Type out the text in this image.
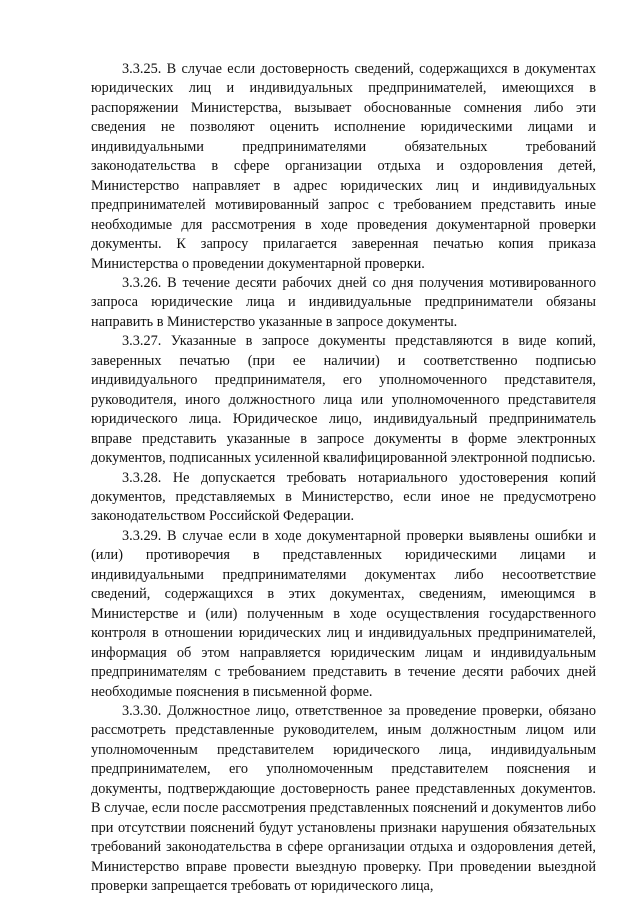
3.3.25. В случае если достоверность сведений, содержащихся в документах юридических лиц и индивидуальных предпринимателей, имеющихся в распоряжении Министерства, вызывает обоснованные сомнения либо эти сведения не позволяют оценить исполнение юридическими лицами и индивидуальными предпринимателями обязательных требований законодательства в сфере организации отдыха и оздоровления детей, Министерство направляет в адрес юридических лиц и индивидуальных предпринимателей мотивированный запрос с требованием представить иные необходимые для рассмотрения в ходе проведения документарной проверки документы. К запросу прилагается заверенная печатью копия приказа Министерства о проведении документарной проверки.

3.3.26. В течение десяти рабочих дней со дня получения мотивированного запроса юридические лица и индивидуальные предприниматели обязаны направить в Министерство указанные в запросе документы.

3.3.27. Указанные в запросе документы представляются в виде копий, заверенных печатью (при ее наличии) и соответственно подписью индивидуального предпринимателя, его уполномоченного представителя, руководителя, иного должностного лица или уполномоченного представителя юридического лица. Юридическое лицо, индивидуальный предприниматель вправе представить указанные в запросе документы в форме электронных документов, подписанных усиленной квалифицированной электронной подписью.

3.3.28. Не допускается требовать нотариального удостоверения копий документов, представляемых в Министерство, если иное не предусмотрено законодательством Российской Федерации.

3.3.29. В случае если в ходе документарной проверки выявлены ошибки и (или) противоречия в представленных юридическими лицами и индивидуальными предпринимателями документах либо несоответствие сведений, содержащихся в этих документах, сведениям, имеющимся в Министерстве и (или) полученным в ходе осуществления государственного контроля в отношении юридических лиц и индивидуальных предпринимателей, информация об этом направляется юридическим лицам и индивидуальным предпринимателям с требованием представить в течение десяти рабочих дней необходимые пояснения в письменной форме.

3.3.30. Должностное лицо, ответственное за проведение проверки, обязано рассмотреть представленные руководителем, иным должностным лицом или уполномоченным представителем юридического лица, индивидуальным предпринимателем, его уполномоченным представителем пояснения и документы, подтверждающие достоверность ранее представленных документов. В случае, если после рассмотрения представленных пояснений и документов либо при отсутствии пояснений будут установлены признаки нарушения обязательных требований законодательства в сфере организации отдыха и оздоровления детей, Министерство вправе провести выездную проверку. При проведении выездной проверки запрещается требовать от юридического лица,
